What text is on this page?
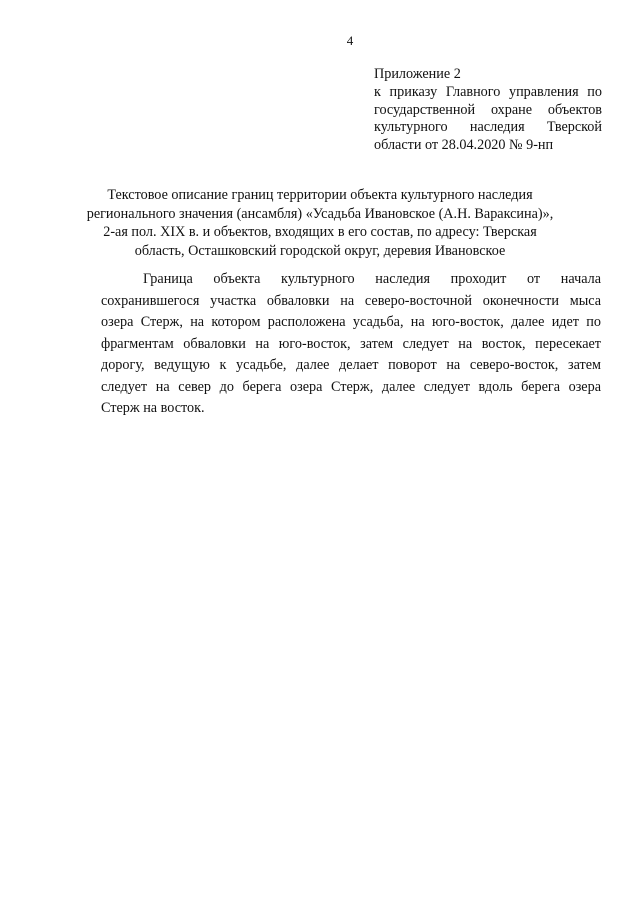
4
Приложение 2
к приказу Главного управления по
государственной охране объектов
культурного наследия Тверской
области от 28.04.2020 № 9-нп
Текстовое описание границ территории объекта культурного наследия
регионального значения (ансамбля) «Усадьба Ивановское (А.Н. Вараксина)»,
2-ая пол. XIX в. и объектов, входящих в его состав, по адресу: Тверская
область, Осташковский городской округ, деревия Ивановское
Граница объекта культурного наследия проходит от начала
сохранившегося участка обваловки на северо-восточной оконечности мыса
озера Стерж, на котором расположена усадьба, на юго-восток, далее идет по
фрагментам обваловки на юго-восток, затем следует на восток, пересекает
дорогу, ведущую к усадьбе, далее делает поворот на северо-восток, затем
следует на север до берега озера Стерж, далее следует вдоль берега озера
Стерж на восток.
